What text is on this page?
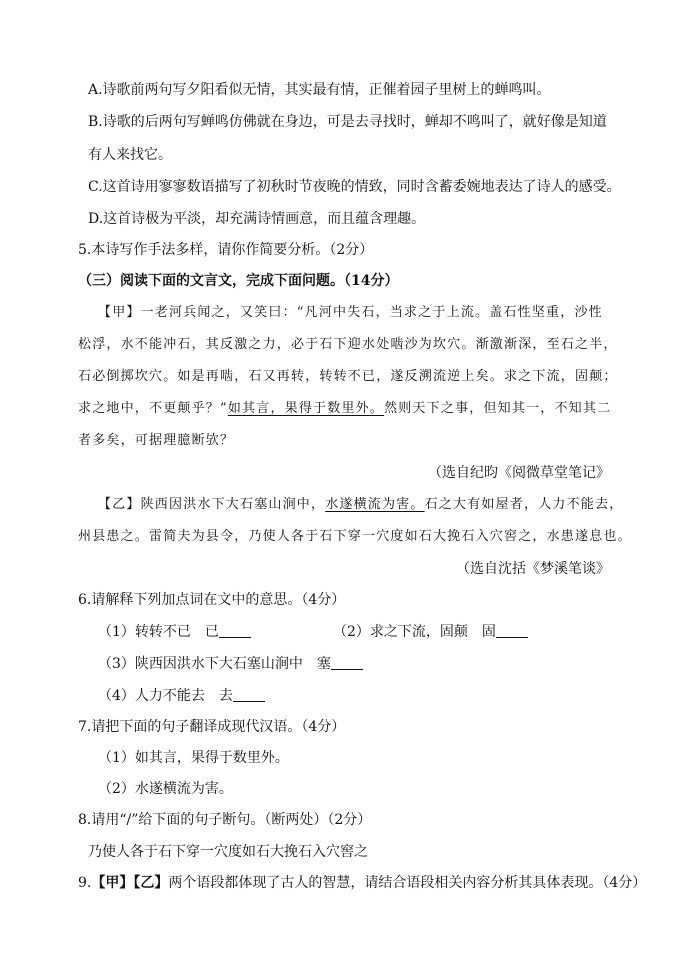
A.诗歌前两句写夕阳看似无情，其实最有情，正催着园子里树上的蝉鸣叫。
B.诗歌的后两句写蝉鸣仿佛就在身边，可是去寻找时，蝉却不鸣叫了，就好像是知道
有人来找它。
C.这首诗用寥寥数语描写了初秋时节夜晚的情致，同时含蓄委婉地表达了诗人的感受。
D.这首诗极为平淡，却充满诗情画意，而且蕴含理趣。
5.本诗写作手法多样，请你作简要分析。（2分）
（三）阅读下面的文言文，完成下面问题。（14分）
【甲】一老河兵闻之，又笑曰：“凡河中失石，当求之于上流。盖石性坚重，沙性
松浮，水不能冲石，其反激之力，必于石下迎水处啮沙为坎穴。渐激渐深，至石之半，
石必倒掷坎穴。如是再啮，石又再转，转转不已，遂反溯流逆上矣。求之下流，固颠；
求之地中，不更颠乎？”如其言，果得于数里外。然则天下之事，但知其一，不知其二
者多矣，可据理臆断欤？
（选自纪昀《阅微草堂笔记》
【乙】陕西因洪水下大石塞山涧中，水遂横流为害。石之大有如屋者，人力不能去，
州县患之。雷简夫为县令，乃使人各于石下穿一穴度如石大挽石入穴窖之，水患遂息也。
（选自沈括《梦溪笔谈》
6.请解释下列加点词在文中的意思。（4分）
（1）转转不已　已	（2）求之下流，固颠　固
（3）陕西因洪水下大石塞山涧中　塞
（4）人力不能去　去
7.请把下面的句子翻译成现代汉语。（4分）
（1）如其言，果得于数里外。
（2）水遂横流为害。
8.请用“/”给下面的句子断句。（断两处）（2分）
乃使人各于石下穿一穴度如石大挽石入穴窖之
9.【甲】【乙】两个语段都体现了古人的智慧，请结合语段相关内容分析其具体表现。（4分）
